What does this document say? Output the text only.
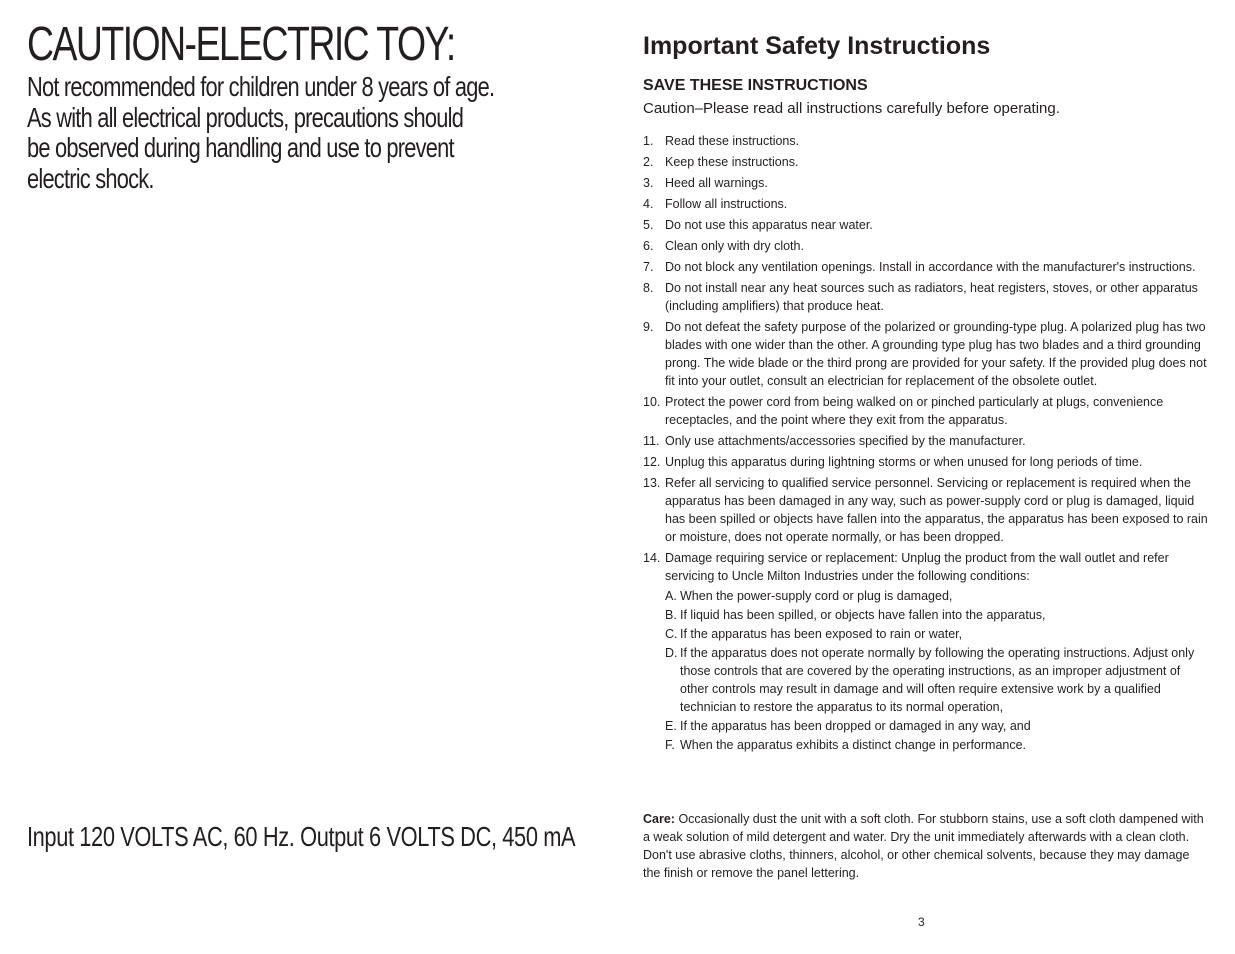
CAUTION-ELECTRIC TOY:

Not recommended for children under 8 years of age.
As with all electrical products, precautions should
be observed during handling and use to prevent
electric shock.

Input 120 VOLTS AC, 60 Hz. Output 6 VOLTS DC, 450 mA

Important Safety Instructions
SAVE THESE INSTRUCTIONS
Caution–Please read all instructions carefully before operating.
1. Read these instructions.
2. Keep these instructions.
3. Heed all warnings.
4. Follow all instructions.
5. Do not use this apparatus near water.
6. Clean only with dry cloth.
7. Do not block any ventilation openings. Install in accordance with the manufacturer's instructions.
8. Do not install near any heat sources such as radiators, heat registers, stoves, or other apparatus (including amplifiers) that produce heat.
9. Do not defeat the safety purpose of the polarized or grounding-type plug. A polarized plug has two blades with one wider than the other. A grounding type plug has two blades and a third grounding prong. The wide blade or the third prong are provided for your safety. If the provided plug does not fit into your outlet, consult an electrician for replacement of the obsolete outlet.
10. Protect the power cord from being walked on or pinched particularly at plugs, convenience receptacles, and the point where they exit from the apparatus.
11. Only use attachments/accessories specified by the manufacturer.
12. Unplug this apparatus during lightning storms or when unused for long periods of time.
13. Refer all servicing to qualified service personnel. Servicing or replacement is required when the apparatus has been damaged in any way, such as power-supply cord or plug is damaged, liquid has been spilled or objects have fallen into the apparatus, the apparatus has been exposed to rain or moisture, does not operate normally, or has been dropped.
14. Damage requiring service or replacement: Unplug the product from the wall outlet and refer servicing to Uncle Milton Industries under the following conditions:
A. When the power-supply cord or plug is damaged,
B. If liquid has been spilled, or objects have fallen into the apparatus,
C. If the apparatus has been exposed to rain or water,
D. If the apparatus does not operate normally by following the operating instructions. Adjust only those controls that are covered by the operating instructions, as an improper adjustment of other controls may result in damage and will often require extensive work by a qualified technician to restore the apparatus to its normal operation,
E. If the apparatus has been dropped or damaged in any way, and
F. When the apparatus exhibits a distinct change in performance.

Care: Occasionally dust the unit with a soft cloth. For stubborn stains, use a soft cloth dampened with a weak solution of mild detergent and water. Dry the unit immediately afterwards with a clean cloth. Don't use abrasive cloths, thinners, alcohol, or other chemical solvents, because they may damage the finish or remove the panel lettering.

3
